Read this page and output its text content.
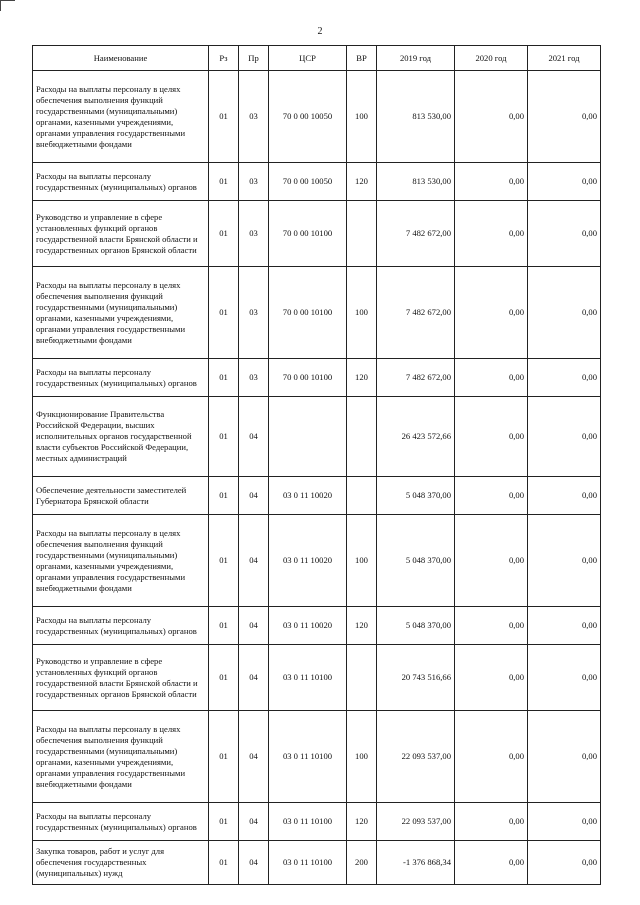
2
Наименование	Рз	Пр	ЦСР	ВР	2019 год	2020 год	2021 год
Расходы на выплаты персоналу в целях обеспечения выполнения функций государственными (муниципальными) органами, казенными учреждениями, органами управления государственными внебюджетными фондами	01	03	70 0 00 10050	100	813 530,00	0,00	0,00
Расходы на выплаты персоналу государственных (муниципальных) органов	01	03	70 0 00 10050	120	813 530,00	0,00	0,00
Руководство и управление в сфере установленных функций органов государственной власти Брянской области и государственных органов Брянской области	01	03	70 0 00 10100		7 482 672,00	0,00	0,00
Расходы на выплаты персоналу в целях обеспечения выполнения функций государственными (муниципальными) органами, казенными учреждениями, органами управления государственными внебюджетными фондами	01	03	70 0 00 10100	100	7 482 672,00	0,00	0,00
Расходы на выплаты персоналу государственных (муниципальных) органов	01	03	70 0 00 10100	120	7 482 672,00	0,00	0,00
Функционирование Правительства Российской Федерации, высших исполнительных органов государственной власти субъектов Российской Федерации, местных администраций	01	04			26 423 572,66	0,00	0,00
Обеспечение деятельности заместителей Губернатора Брянской области	01	04	03 0 11 10020		5 048 370,00	0,00	0,00
Расходы на выплаты персоналу в целях обеспечения выполнения функций государственными (муниципальными) органами, казенными учреждениями, органами управления государственными внебюджетными фондами	01	04	03 0 11 10020	100	5 048 370,00	0,00	0,00
Расходы на выплаты персоналу государственных (муниципальных) органов	01	04	03 0 11 10020	120	5 048 370,00	0,00	0,00
Руководство и управление в сфере установленных функций органов государственной власти Брянской области и государственных органов Брянской области	01	04	03 0 11 10100		20 743 516,66	0,00	0,00
Расходы на выплаты персоналу в целях обеспечения выполнения функций государственными (муниципальными) органами, казенными учреждениями, органами управления государственными внебюджетными фондами	01	04	03 0 11 10100	100	22 093 537,00	0,00	0,00
Расходы на выплаты персоналу государственных (муниципальных) органов	01	04	03 0 11 10100	120	22 093 537,00	0,00	0,00
Закупка товаров, работ и услуг для обеспечения государственных (муниципальных) нужд	01	04	03 0 11 10100	200	-1 376 868,34	0,00	0,00
